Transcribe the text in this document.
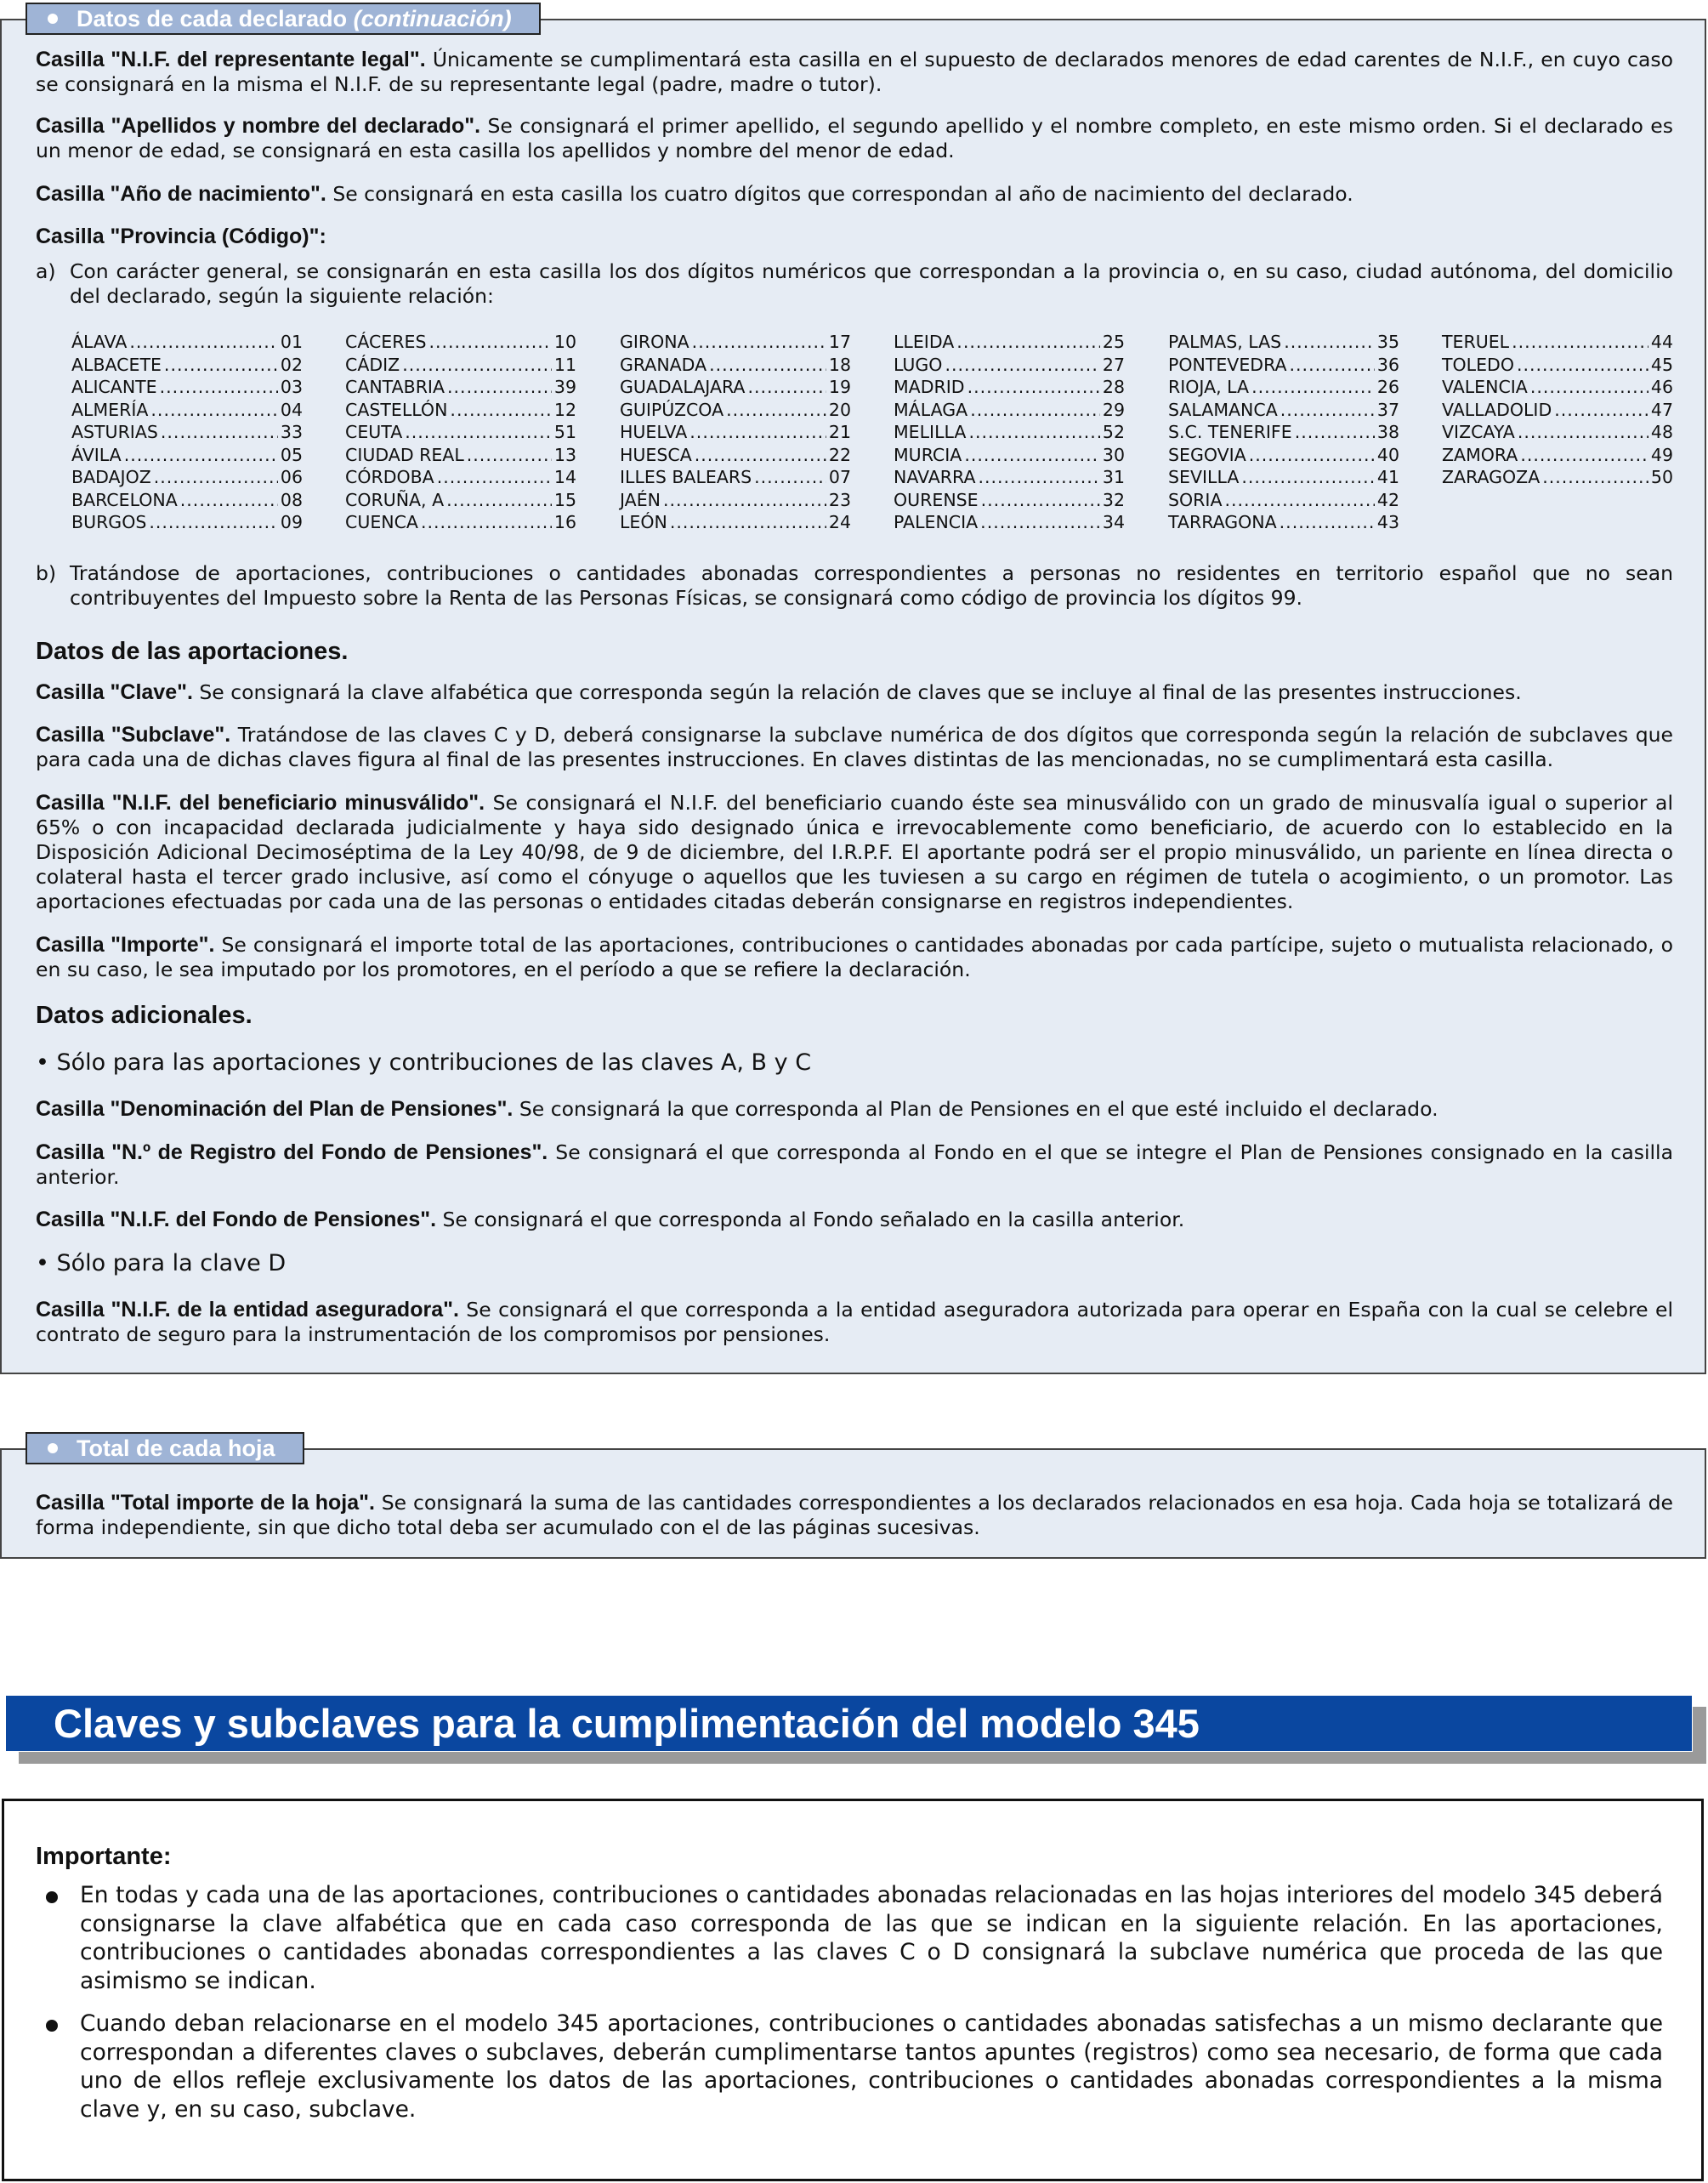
Datos de cada declarado (continuación)

Casilla "N.I.F. del representante legal". Únicamente se cumplimentará esta casilla en el supuesto de declarados menores de edad carentes de N.I.F., en cuyo caso se consignará en la misma el N.I.F. de su representante legal (padre, madre o tutor).

Casilla "Apellidos y nombre del declarado". Se consignará el primer apellido, el segundo apellido y el nombre completo, en este mismo orden. Si el declarado es un menor de edad, se consignará en esta casilla los apellidos y nombre del menor de edad.

Casilla "Año de nacimiento". Se consignará en esta casilla los cuatro dígitos que correspondan al año de nacimiento del declarado.

Casilla "Provincia (Código)":

a) Con carácter general, se consignarán en esta casilla los dos dígitos numéricos que correspondan a la provincia o, en su caso, ciudad autónoma, del domicilio del declarado, según la siguiente relación:

ÁLAVA .....	01
ALBACETE .....	02
ALICANTE .....	03
ALMERÍA .....	04
ASTURIAS .....	33
ÁVILA .....	05
BADAJOZ .....	06
BARCELONA .....	08
BURGOS .....	09
CÁCERES .....	10
CÁDIZ .....	11
CANTABRIA .....	39
CASTELLÓN .....	12
CEUTA .....	51
CIUDAD REAL .....	13
CÓRDOBA .....	14
CORUÑA, A .....	15
CUENCA .....	16
GIRONA .....	17
GRANADA .....	18
GUADALAJARA .....	19
GUIPÚZCOA .....	20
HUELVA .....	21
HUESCA .....	22
ILLES BALEARS .....	07
JAÉN .....	23
LEÓN .....	24
LLEIDA .....	25
LUGO .....	27
MADRID .....	28
MÁLAGA .....	29
MELILLA .....	52
MURCIA .....	30
NAVARRA .....	31
OURENSE .....	32
PALENCIA .....	34
PALMAS, LAS .....	35
PONTEVEDRA .....	36
RIOJA, LA .....	26
SALAMANCA .....	37
S.C. TENERIFE .....	38
SEGOVIA .....	40
SEVILLA .....	41
SORIA .....	42
TARRAGONA .....	43
TERUEL .....	44
TOLEDO .....	45
VALENCIA .....	46
VALLADOLID .....	47
VIZCAYA .....	48
ZAMORA .....	49
ZARAGOZA .....	50
b) Tratándose de aportaciones, contribuciones o cantidades abonadas correspondientes a personas no residentes en territorio español que no sean contribuyentes del Impuesto sobre la Renta de las Personas Físicas, se consignará como código de provincia los dígitos 99.

Datos de las aportaciones.

Casilla "Clave". Se consignará la clave alfabética que corresponda según la relación de claves que se incluye al final de las presentes instrucciones.

Casilla "Subclave". Tratándose de las claves C y D, deberá consignarse la subclave numérica de dos dígitos que corresponda según la relación de subclaves que para cada una de dichas claves figura al final de las presentes instrucciones. En claves distintas de las mencionadas, no se cumplimentará esta casilla.

Casilla "N.I.F. del beneficiario minusválido". Se consignará el N.I.F. del beneficiario cuando éste sea minusválido con un grado de minusvalía igual o superior al 65% o con incapacidad declarada judicialmente y haya sido designado única e irrevocablemente como beneficiario, de acuerdo con lo establecido en la Disposición Adicional Decimoséptima de la Ley 40/98, de 9 de diciembre, del I.R.P.F. El aportante podrá ser el propio minusválido, un pariente en línea directa o colateral hasta el tercer grado inclusive, así como el cónyuge o aquellos que les tuviesen a su cargo en régimen de tutela o acogimiento, o un promotor. Las aportaciones efectuadas por cada una de las personas o entidades citadas deberán consignarse en registros independientes.

Casilla "Importe". Se consignará el importe total de las aportaciones, contribuciones o cantidades abonadas por cada partícipe, sujeto o mutualista relacionado, o en su caso, le sea imputado por los promotores, en el período a que se refiere la declaración.

Datos adicionales.

• Sólo para las aportaciones y contribuciones de las claves A, B y C

Casilla "Denominación del Plan de Pensiones". Se consignará la que corresponda al Plan de Pensiones en el que esté incluido el declarado.

Casilla "N.º de Registro del Fondo de Pensiones". Se consignará el que corresponda al Fondo en el que se integre el Plan de Pensiones consignado en la casilla anterior.

Casilla "N.I.F. del Fondo de Pensiones". Se consignará el que corresponda al Fondo señalado en la casilla anterior.

• Sólo para la clave D

Casilla "N.I.F. de la entidad aseguradora". Se consignará el que corresponda a la entidad aseguradora autorizada para operar en España con la cual se celebre el contrato de seguro para la instrumentación de los compromisos por pensiones.

Total de cada hoja

Casilla "Total importe de la hoja". Se consignará la suma de las cantidades correspondientes a los declarados relacionados en esa hoja. Cada hoja se totalizará de forma independiente, sin que dicho total deba ser acumulado con el de las páginas sucesivas.

Claves y subclaves para la cumplimentación del modelo 345

Importante:

En todas y cada una de las aportaciones, contribuciones o cantidades abonadas relacionadas en las hojas interiores del modelo 345 deberá consignarse la clave alfabética que en cada caso corresponda de las que se indican en la siguiente relación. En las aportaciones, contribuciones o cantidades abonadas correspondientes a las claves C o D consignará la subclave numérica que proceda de las que asimismo se indican.

Cuando deban relacionarse en el modelo 345 aportaciones, contribuciones o cantidades abonadas satisfechas a un mismo declarante que correspondan a diferentes claves o subclaves, deberán cumplimentarse tantos apuntes (registros) como sea necesario, de forma que cada uno de ellos refleje exclusivamente los datos de las aportaciones, contribuciones o cantidades abonadas correspondientes a la misma clave y, en su caso, subclave.
